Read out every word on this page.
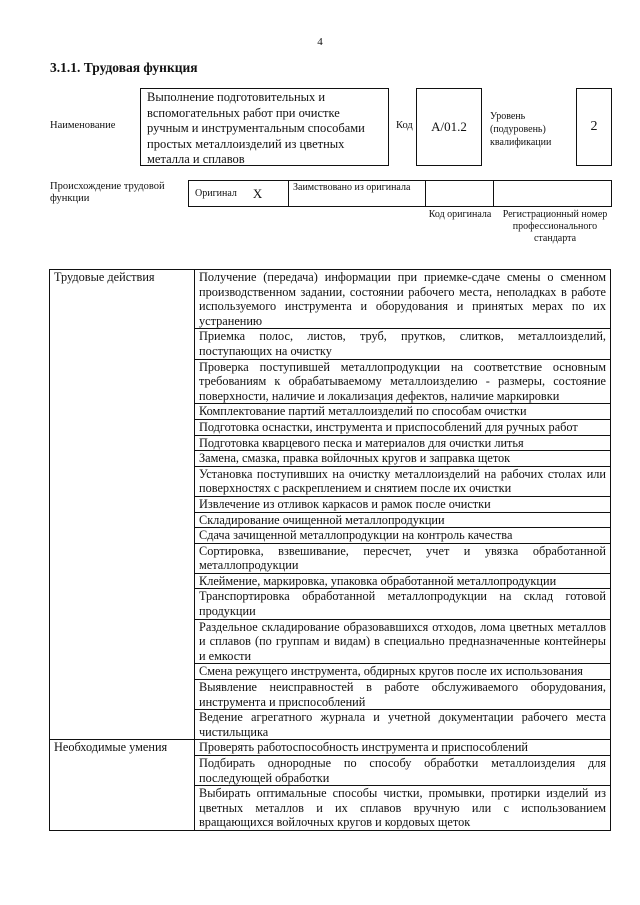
4
3.1.1. Трудовая функция
Наименование
Выполнение подготовительных и вспомогательных работ при очистке ручным и инструментальным способами простых металлоизделий из цветных металла и сплавов
Код	А/01.2
Уровень (подуровень) квалификации
2
Происхождение трудовой функции	Оригинал Х	Заимствовано из оригинала
Код оригинала Регистрационный номер профессионального стандарта
Трудовые действия	Получение (передача) информации при приемке-сдаче смены о сменном производственном задании, состоянии рабочего места, неполадках в работе используемого инструмента и оборудования и принятых мерах по их устранению
	Приемка полос, листов, труб, прутков, слитков, металлоизделий, поступающих на очистку
	Проверка поступившей металлопродукции на соответствие основным требованиям к обрабатываемому металлоизделию - размеры, состояние поверхности, наличие и локализация дефектов, наличие маркировки
	Комплектование партий металлоизделий по способам очистки
	Подготовка оснастки, инструмента и приспособлений для ручных работ
	Подготовка кварцевого песка и материалов для очистки литья
	Замена, смазка, правка войлочных кругов и заправка щеток
	Установка поступивших на очистку металлоизделий на рабочих столах или поверхностях с раскреплением и снятием после их очистки
	Извлечение из отливок каркасов и рамок после очистки
	Складирование очищенной металлопродукции
	Сдача зачищенной металлопродукции на контроль качества
	Сортировка, взвешивание, пересчет, учет и увязка обработанной металлопродукции
	Клеймение, маркировка, упаковка обработанной металлопродукции
	Транспортировка обработанной металлопродукции на склад готовой продукции
	Раздельное складирование образовавшихся отходов, лома цветных металлов и сплавов (по группам и видам) в специально предназначенные контейнеры и емкости
	Смена режущего инструмента, обдирных кругов после их использования
	Выявление неисправностей в работе обслуживаемого оборудования, инструмента и приспособлений
	Ведение агрегатного журнала и учетной документации рабочего места чистильщика
Необходимые умения	Проверять работоспособность инструмента и приспособлений
	Подбирать однородные по способу обработки металлоизделия для последующей обработки
	Выбирать оптимальные способы чистки, промывки, протирки изделий из цветных металлов и их сплавов вручную или с использованием вращающихся войлочных кругов и кордовых щеток
